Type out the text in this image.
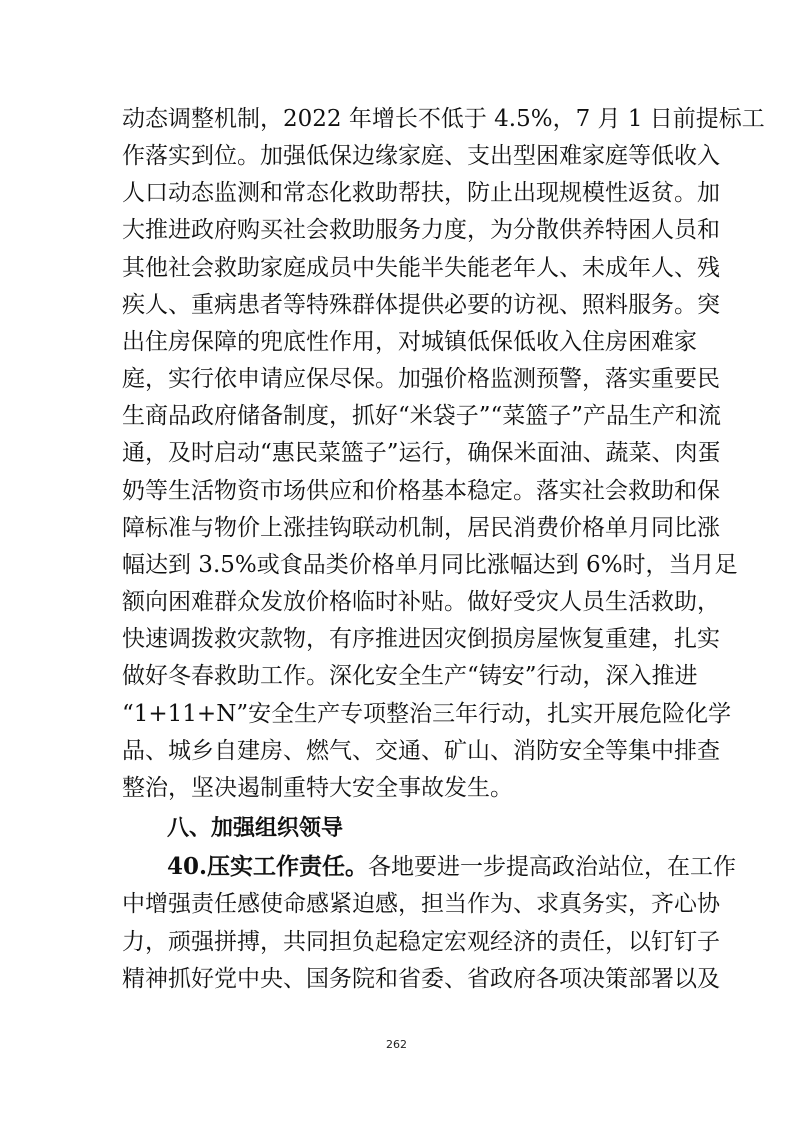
动态调整机制，2022 年增长不低于 4.5%，7 月 1 日前提标工
作落实到位。加强低保边缘家庭、支出型困难家庭等低收入
人口动态监测和常态化救助帮扶，防止出现规模性返贫。加
大推进政府购买社会救助服务力度，为分散供养特困人员和
其他社会救助家庭成员中失能半失能老年人、未成年人、残
疾人、重病患者等特殊群体提供必要的访视、照料服务。突
出住房保障的兜底性作用，对城镇低保低收入住房困难家
庭，实行依申请应保尽保。加强价格监测预警，落实重要民
生商品政府储备制度，抓好“米袋子”“菜篮子”产品生产和流
通，及时启动“惠民菜篮子”运行，确保米面油、蔬菜、肉蛋
奶等生活物资市场供应和价格基本稳定。落实社会救助和保
障标准与物价上涨挂钩联动机制，居民消费价格单月同比涨
幅达到 3.5%或食品类价格单月同比涨幅达到 6%时，当月足
额向困难群众发放价格临时补贴。做好受灾人员生活救助，
快速调拨救灾款物，有序推进因灾倒损房屋恢复重建，扎实
做好冬春救助工作。深化安全生产“铸安”行动，深入推进
“1+11+N”安全生产专项整治三年行动，扎实开展危险化学
品、城乡自建房、燃气、交通、矿山、消防安全等集中排查
整治，坚决遏制重特大安全事故发生。
八、加强组织领导
40.压实工作责任。各地要进一步提高政治站位，在工作
中增强责任感使命感紧迫感，担当作为、求真务实，齐心协
力，顽强拼搏，共同担负起稳定宏观经济的责任，以钉钉子
精神抓好党中央、国务院和省委、省政府各项决策部署以及
262
